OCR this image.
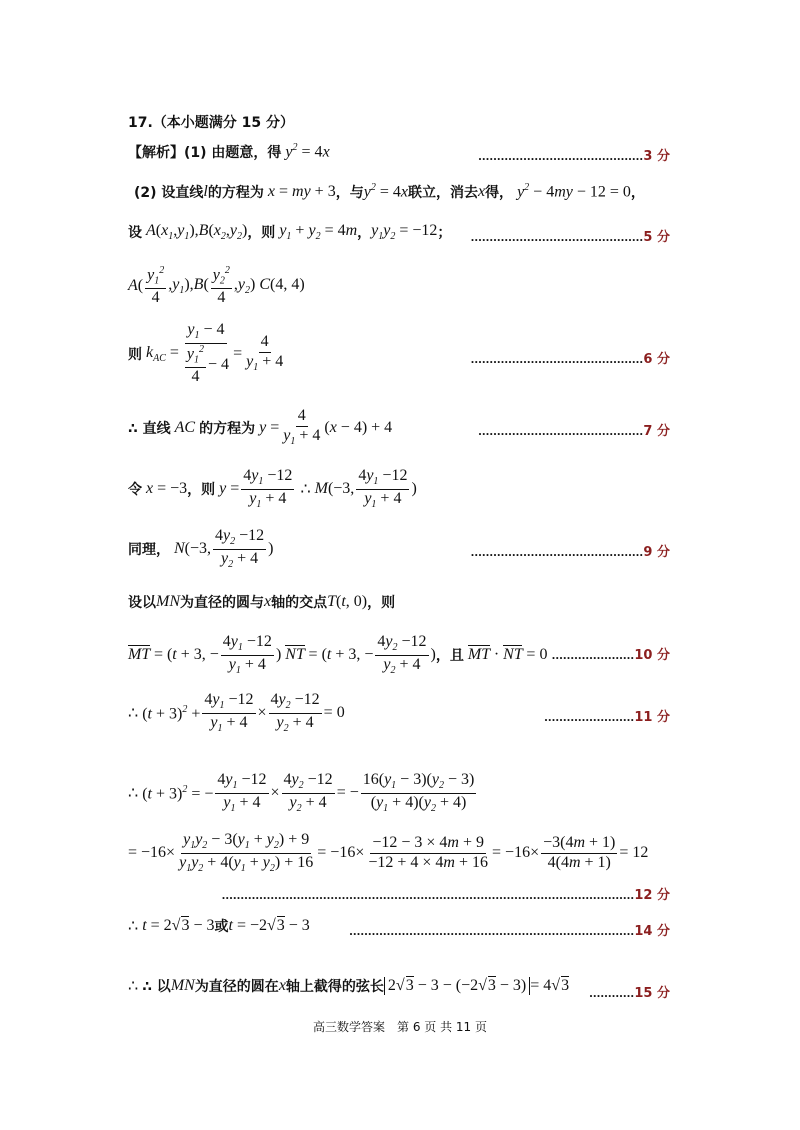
17.（本小题满分 15 分）
【解析】 (1) 由题意，得 $y^2 = 4x$	............................................3 分
(2) 设直线 l 的方程为 x = my + 3 ，与 $y^2 = 4x$ 联立，消去 x 得， $y^2 - 4my - 12 = 0$ ，
设 $A(x_1,y_1),B(x_2,y_2)$ ，则 $y_1 + y_2 = 4m$ ， $y_1y_2 = -12$ ； ..............................................5 分
$A( \frac{y_1^2}{4} ,y_1),B( \frac{y_2^2}{4} ,y_2)$ C(4, 4)
则 $k_{AC} = \frac{y_1 - 4}{\frac{y_1^2}{4} - 4} = \frac{4}{y_1 + 4}$	..............................................6 分
∴ 直线 AC 的方程为 $y = \frac{4}{y_1 + 4} (x - 4) + 4$	............................................7 分
令 x = −3 ，则 $y = \frac{4y_1 -12}{y_1 + 4}$ ∴ M(−3, $\frac{4y_1 -12}{y_1 + 4}$ )
同理， N(−3, $\frac{4y_2 -12}{y_2 + 4}$ )	..............................................9 分
设以 MN 为直径的圆与 x 轴的交点 T(t, 0) ，则
MT = (t + 3, − $\frac{4y_1 -12}{y_1 + 4}$ ) NT = (t + 3, − $\frac{4y_2 -12}{y_2 + 4}$ ) ，且 MT · NT = 0 ......................10 分
∴ $(t + 3)^2 + \frac{4y_1 -12}{y_1 + 4} \times \frac{4y_2 -12}{y_2 + 4} = 0$	........................11 分
∴ $(t + 3)^2$ = − $\frac{4y_1 -12}{y_1 + 4} \times \frac{4y_2 -12}{y_2 + 4}$ = − $\frac{16(y_1 - 3)(y_2 - 3)}{(y_1 + 4)(y_2 + 4)}$
= $-16\times \frac{y_1y_2 - 3(y_1 + y_2) + 9}{y_1y_2 + 4(y_1 + y_2) + 16} = -16\times \frac{-12 - 3 \times 4m + 9}{-12 + 4 \times 4m + 16} = -16\times \frac{-3(4m + 1)}{4(4m + 1)} = 12$
..............................................................................................................12 分
∴ t = 2√3 − 3 或 t = −2√3 − 3	............................................................................14 分
∴ ∴ 以 MN 为直径的圆在 x 轴上截得的弦长 2√3 − 3 − (−2√3 − 3) = 4√3 ............15 分
高三数学答案　第 6 页 共 11 页
